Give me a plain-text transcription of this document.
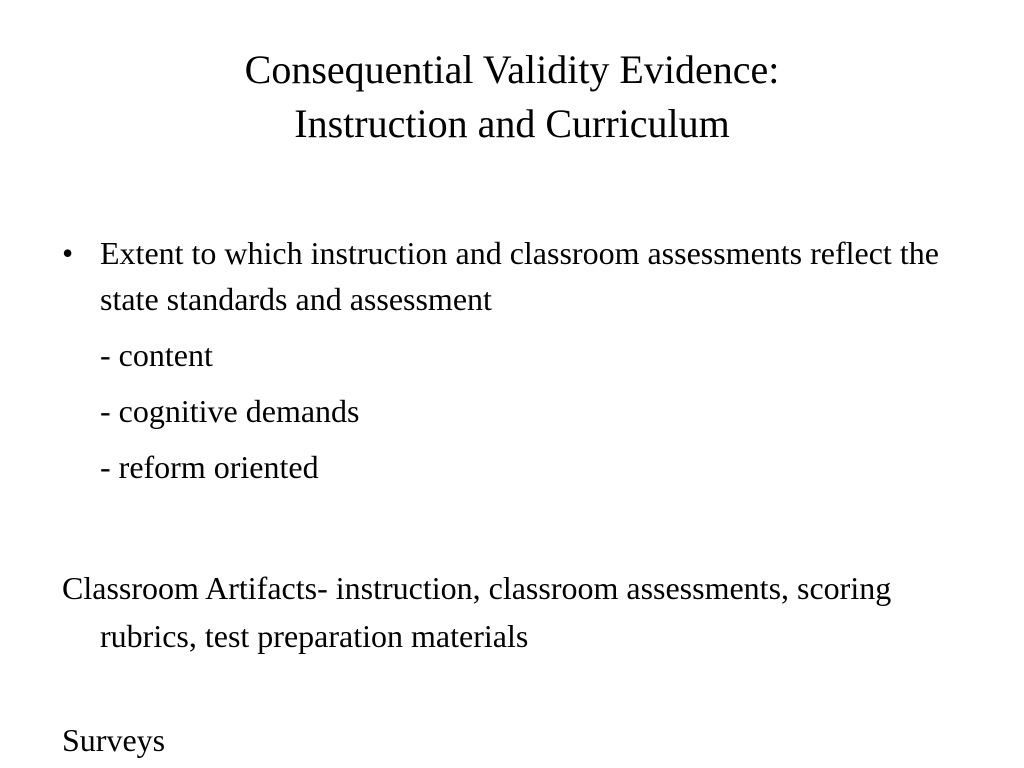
Consequential Validity Evidence:
Instruction and Curriculum
• Extent to which instruction and classroom assessments reflect the state standards and assessment
- content
- cognitive demands
- reform oriented
Classroom Artifacts- instruction, classroom assessments, scoring rubrics, test preparation materials
Surveys
